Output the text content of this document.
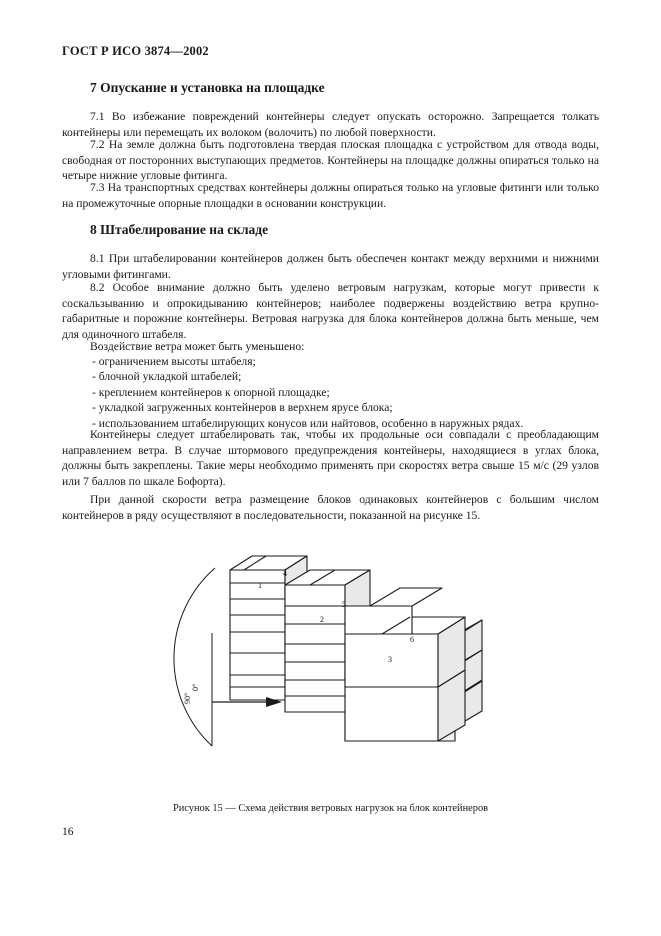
ГОСТ Р ИСО 3874—2002
7 Опускание и установка на площадке
7.1 Во избежание повреждений контейнеры следует опускать осторожно. Запрещается толкать контейнеры или перемещать их волоком (волочить) по любой поверхности.
7.2 На земле должна быть подготовлена твердая плоская площадка с устройством для отвода воды, свободная от посторонних выступающих предметов. Контейнеры на площадке должны опираться только на четыре нижние угловые фитинга.
7.3 На транспортных средствах контейнеры должны опираться только на угловые фитинги или только на промежуточные опорные площадки в основании конструкции.
8 Штабелирование на складе
8.1 При штабелировании контейнеров должен быть обеспечен контакт между верхними и нижними угловыми фитингами.
8.2 Особое внимание должно быть уделено ветровым нагрузкам, которые могут привести к соскальзыванию и опрокидыванию контейнеров; наиболее подвержены воздействию ветра крупно-габаритные и порожние контейнеры. Ветровая нагрузка для блока контейнеров должна быть меньше, чем для одиночного штабеля.
Воздействие ветра может быть уменьшено:
- ограничением высоты штабеля;
- блочной укладкой штабелей;
- креплением контейнеров к опорной площадке;
- укладкой загруженных контейнеров в верхнем ярусе блока;
- использованием штабелирующих конусов или найтовов, особенно в наружных рядах.
Контейнеры следует штабелировать так, чтобы их продольные оси совпадали с преобладающим направлением ветра. В случае штормового предупреждения контейнеры, находящиеся в углах блока, должны быть закреплены. Такие меры необходимо применять при скоростях ветра свыше 15 м/с (29 узлов или 7 баллов по шкале Бофорта).
При данной скорости ветра размещение блоков одинаковых контейнеров с большим числом контейнеров в ряду осуществляют в последовательности, показанной на рисунке 15.
1
2
3
4
5
6
90°
0°
Рисунок 15 — Схема действия ветровых нагрузок на блок контейнеров
16
